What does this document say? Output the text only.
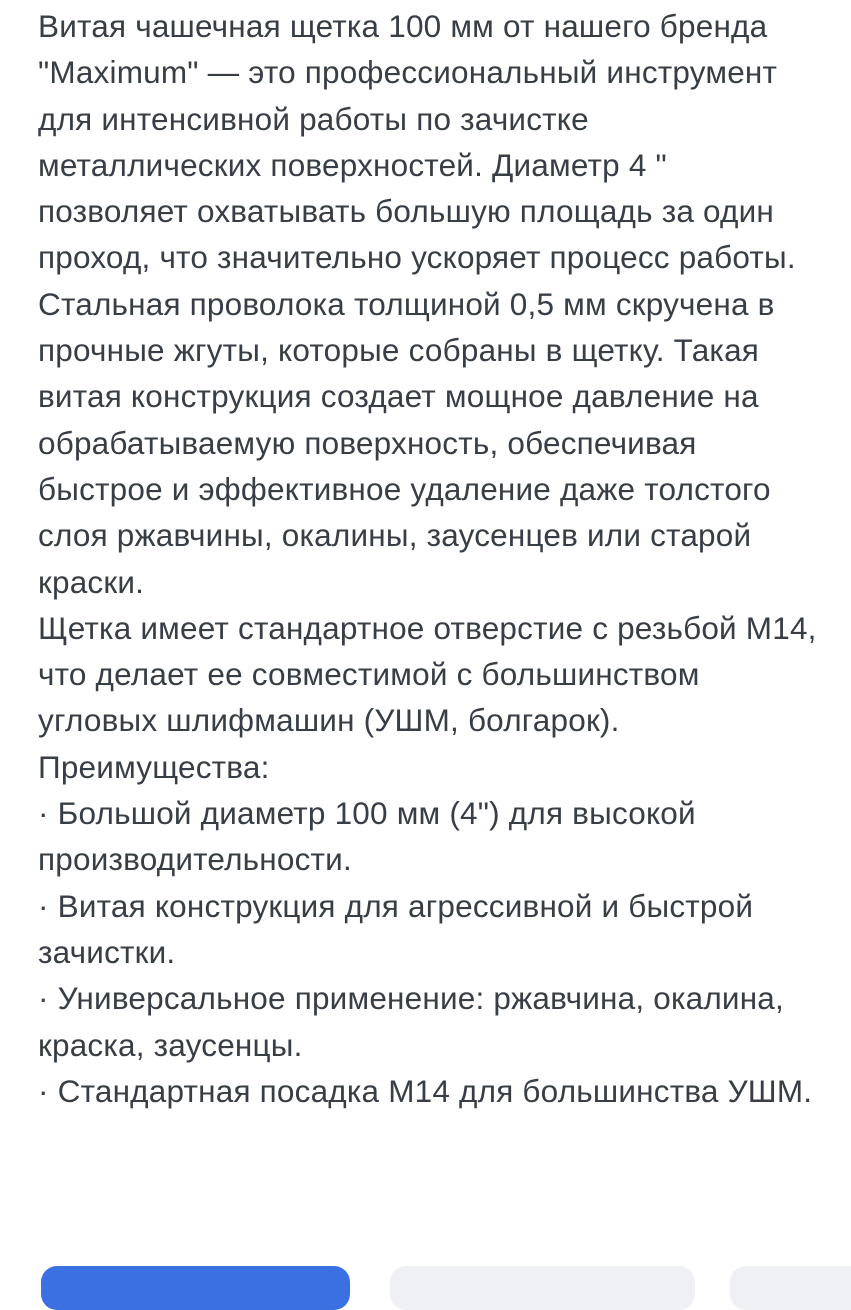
Витая чашечная щетка 100 мм от нашего бренда "Maximum" — это профессиональный инструмент для интенсивной работы по зачистке металлических поверхностей. Диаметр 4 " позволяет охватывать большую площадь за один проход, что значительно ускоряет процесс работы.

Стальная проволока толщиной 0,5 мм скручена в прочные жгуты, которые собраны в щетку. Такая витая конструкция создает мощное давление на обрабатываемую поверхность, обеспечивая быстрое и эффективное удаление даже толстого слоя ржавчины, окалины, заусенцев или старой краски.

Щетка имеет стандартное отверстие с резьбой М14, что делает ее совместимой с большинством угловых шлифмашин (УШМ, болгарок).

Преимущества:

· Большой диаметр 100 мм (4") для высокой производительности.

· Витая конструкция для агрессивной и быстрой зачистки.

· Универсальное применение: ржавчина, окалина, краска, заусенцы.

· Стандартная посадка М14 для большинства УШМ.
